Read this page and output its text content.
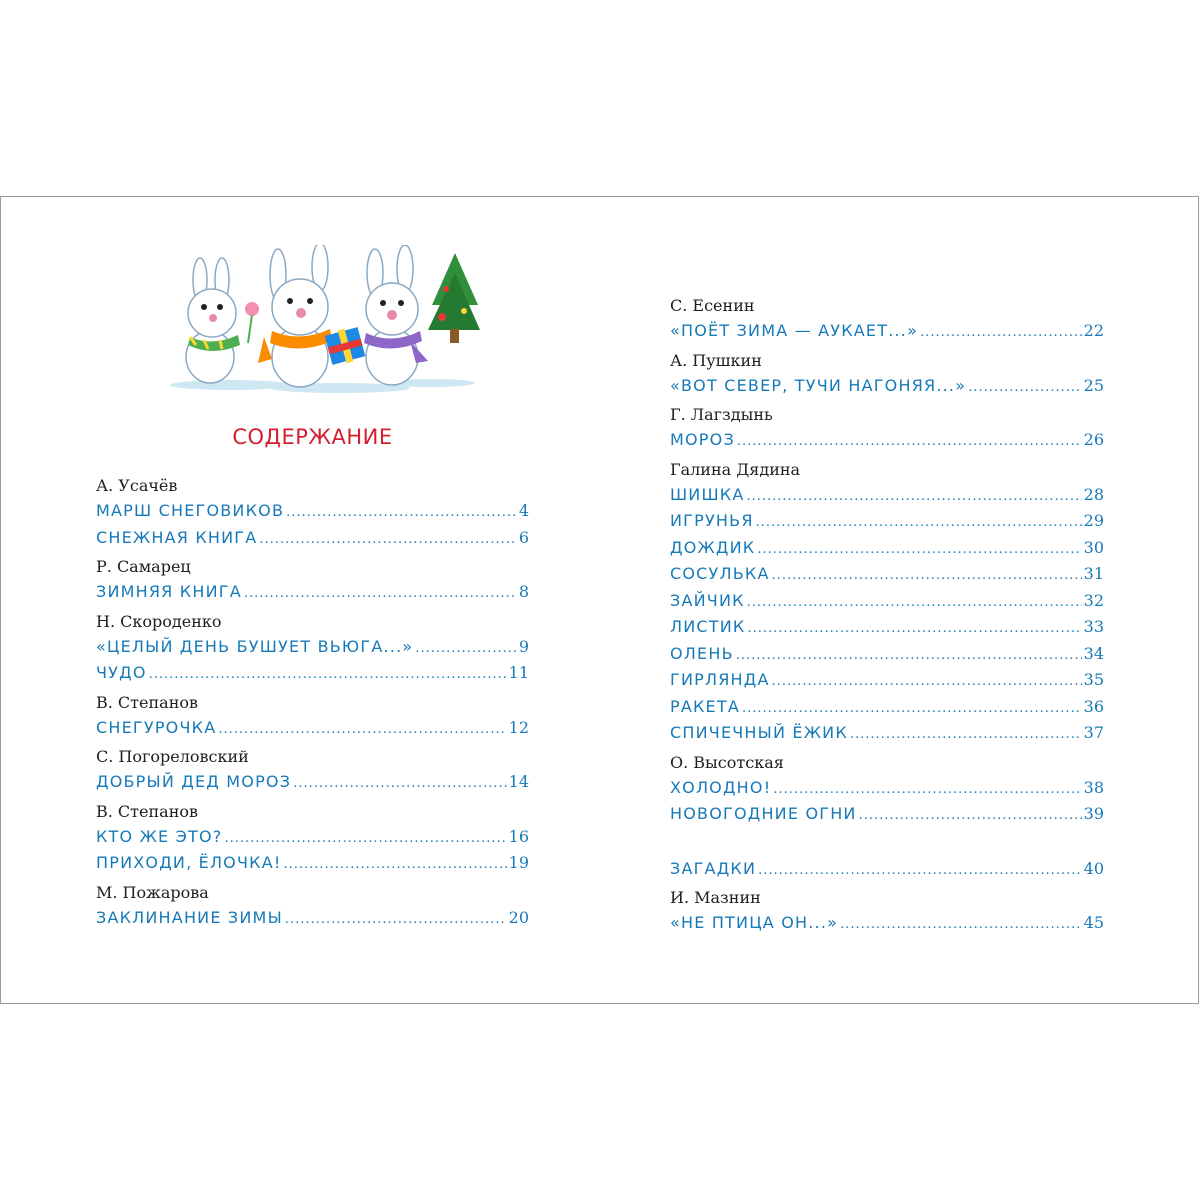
СОДЕРЖАНИЕ
А. Усачёв
МАРШ СНЕГОВИКОВ .....	4
СНЕЖНАЯ КНИГА .....	6
Р. Самарец
ЗИМНЯЯ КНИГА .....	8
Н. Скороденко
«ЦЕЛЫЙ ДЕНЬ БУШУЕТ ВЬЮГА...» .....	9
ЧУДО .....	11
В. Степанов
СНЕГУРОЧКА .....	12
С. Погореловский
ДОБРЫЙ ДЕД МОРОЗ .....	14
В. Степанов
КТО ЖЕ ЭТО? .....	16
ПРИХОДИ, ЁЛОЧКА! .....	19
М. Пожарова
ЗАКЛИНАНИЕ ЗИМЫ .....	20
С. Есенин
«ПОЁТ ЗИМА — АУКАЕТ...» .....	22
А. Пушкин
«ВОТ СЕВЕР, ТУЧИ НАГОНЯЯ...» .....	25
Г. Лагздынь
МОРОЗ .....	26
Галина Дядина
ШИШКА .....	28
ИГРУНЬЯ .....	29
ДОЖДИК .....	30
СОСУЛЬКА .....	31
ЗАЙЧИК .....	32
ЛИСТИК .....	33
ОЛЕНЬ .....	34
ГИРЛЯНДА .....	35
РАКЕТА .....	36
СПИЧЕЧНЫЙ ЁЖИК .....	37
О. Высотская
ХОЛОДНО! .....	38
НОВОГОДНИЕ ОГНИ .....	39
ЗАГАДКИ .....	40
И. Мазнин
«НЕ ПТИЦА ОН...» .....	45
